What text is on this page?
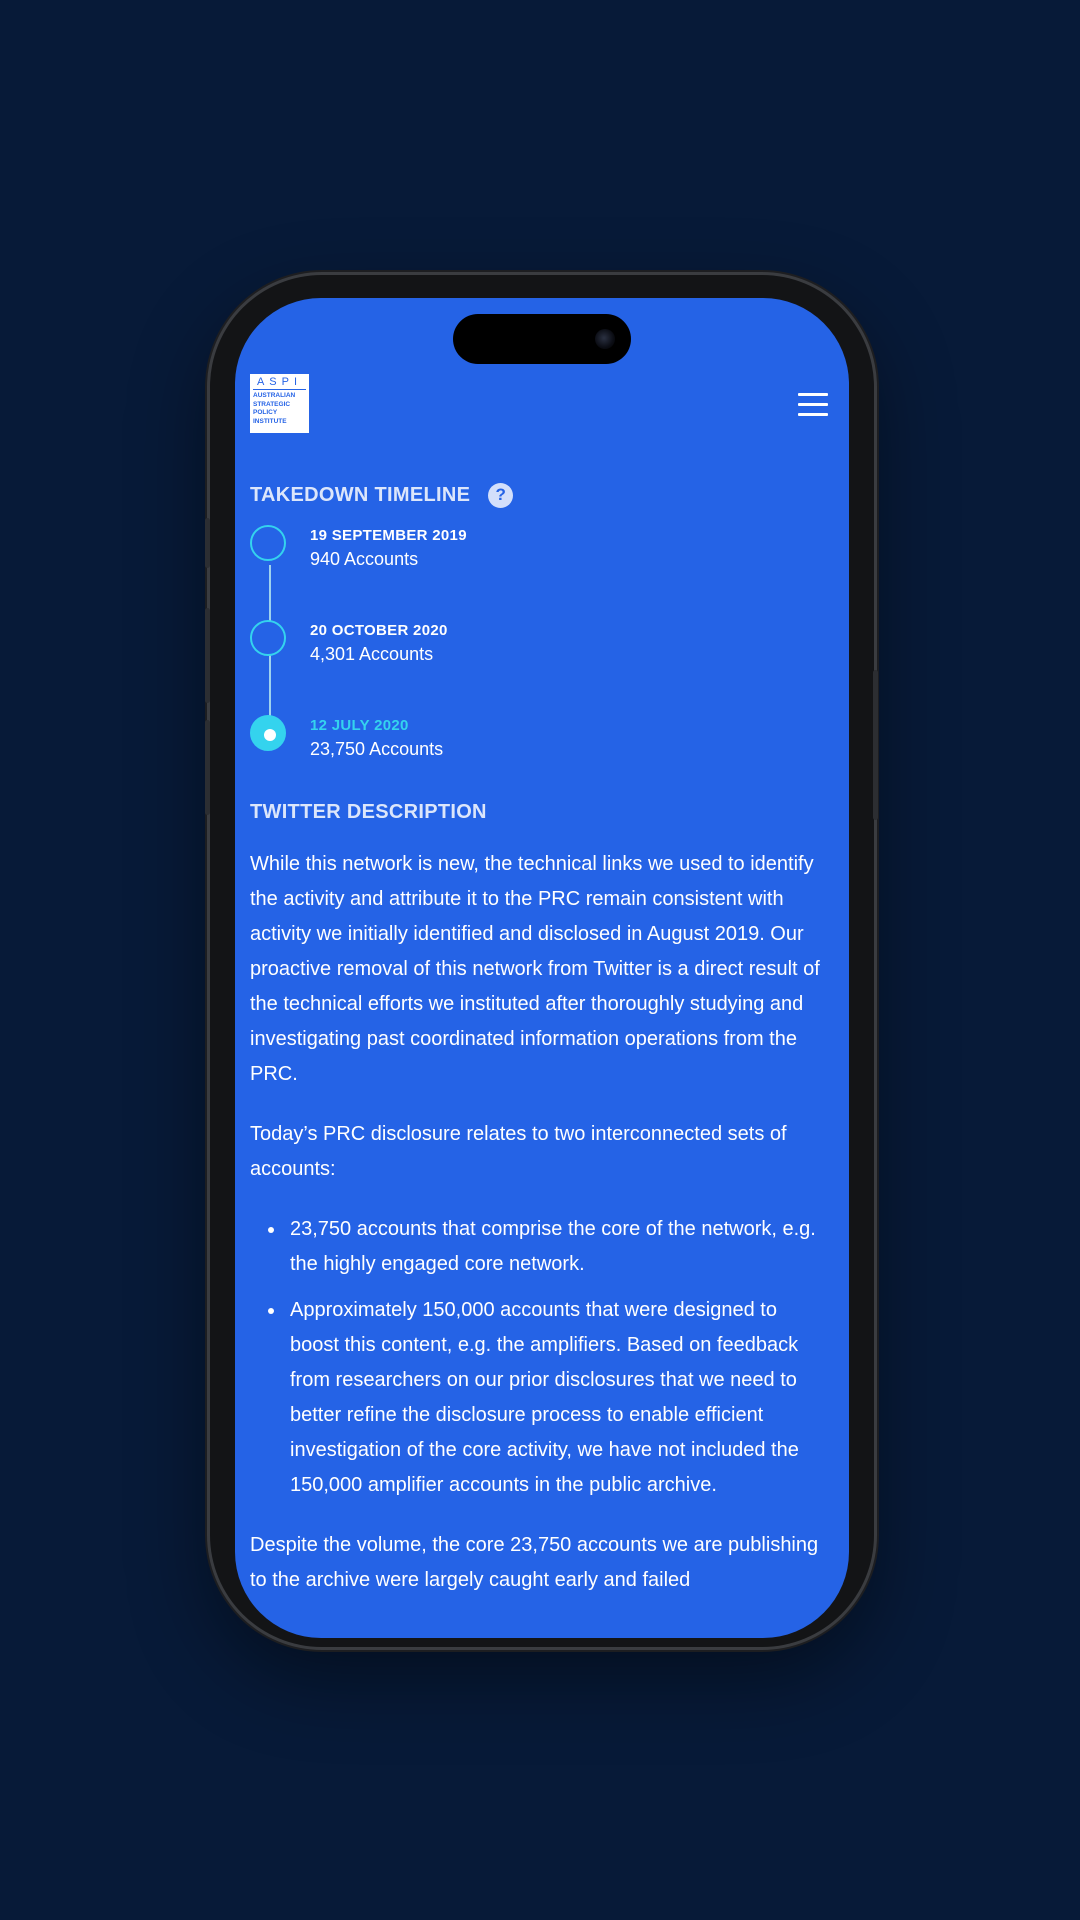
ASPI
AUSTRALIAN
STRATEGIC
POLICY
INSTITUTE
TAKEDOWN TIMELINE	?
19 SEPTEMBER 2019
940 Accounts
20 OCTOBER 2020
4,301 Accounts
12 JULY 2020
23,750 Accounts
TWITTER DESCRIPTION

While this network is new, the technical links we used to identify the activity and attribute it to the PRC remain consistent with activity we initially identified and disclosed in August 2019. Our proactive removal of this network from Twitter is a direct result of the technical efforts we instituted after thoroughly studying and investigating past coordinated information operations from the PRC.

Today’s PRC disclosure relates to two interconnected sets of accounts:

23,750 accounts that comprise the core of the network, e.g. the highly engaged core network.
Approximately 150,000 accounts that were designed to boost this content, e.g. the amplifiers. Based on feedback from researchers on our prior disclosures that we need to better refine the disclosure process to enable efficient investigation of the core activity, we have not included the 150,000 amplifier accounts in the public archive.

Despite the volume, the core 23,750 accounts we are publishing to the archive were largely caught early and failed
